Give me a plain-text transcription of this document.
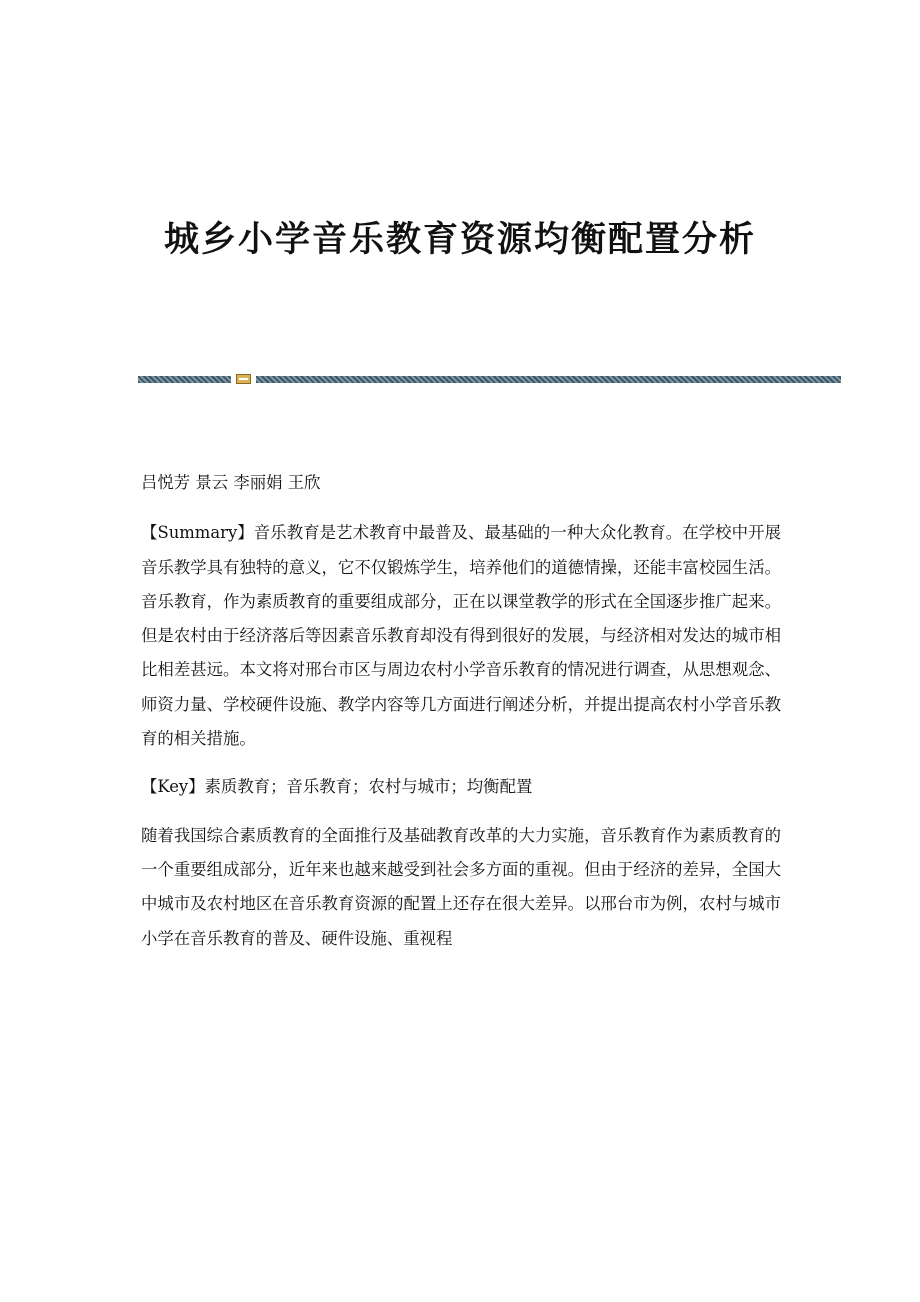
城乡小学音乐教育资源均衡配置分析

吕悦芳 景云 李丽娟 王欣

【Summary】音乐教育是艺术教育中最普及、最基础的一种大众化教育。在学校中开展音乐教学具有独特的意义，它不仅锻炼学生，培养他们的道德情操，还能丰富校园生活。音乐教育，作为素质教育的重要组成部分，正在以课堂教学的形式在全国逐步推广起来。但是农村由于经济落后等因素音乐教育却没有得到很好的发展，与经济相对发达的城市相比相差甚远。本文将对邢台市区与周边农村小学音乐教育的情况进行调查，从思想观念、师资力量、学校硬件设施、教学内容等几方面进行阐述分析，并提出提高农村小学音乐教育的相关措施。

【Key】素质教育；音乐教育；农村与城市；均衡配置

随着我国综合素质教育的全面推行及基础教育改革的大力实施，音乐教育作为素质教育的一个重要组成部分，近年来也越来越受到社会多方面的重视。但由于经济的差异，全国大中城市及农村地区在音乐教育资源的配置上还存在很大差异。以邢台市为例，农村与城市小学在音乐教育的普及、硬件设施、重视程
